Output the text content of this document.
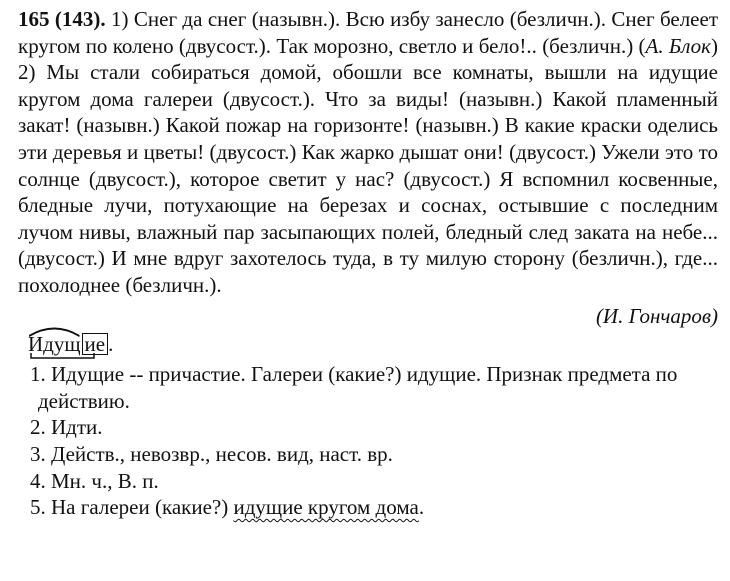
165 (143). 1) Снег да снег (назывн.). Всю избу занесло (безличн.). Снег белеет кругом по колено (двусост.). Так морозно, светло и бело!.. (безличн.) (А. Блок) 2) Мы стали собираться домой, обошли все комнаты, вышли на идущие кругом дома галереи (двусост.). Что за виды! (назывн.) Какой пламенный закат! (назывн.) Какой пожар на горизонте! (назывн.) В какие краски оделись эти деревья и цветы! (двусост.) Как жарко дышат они! (двусост.) Ужели это то солнце (двусост.), которое светит у нас? (двусост.) Я вспомнил косвенные, бледные лучи, потухающие на березах и соснах, остывшие с последним лучом нивы, влажный пар засыпающих полей, бледный след заката на небе... (двусост.) И мне вдруг захотелось туда, в ту милую сторону (безличн.), где... похолоднее (безличн.).

(И. Гончаров)

Идущ ие .
1. Идущие -- причастие. Галереи (какие?) идущие. Признак предмета по действию.
2. Идти.
3. Действ., невозвр., несов. вид, наст. вр.
4. Мн. ч., В. п.
5. На галереи (какие?) идущие кругом дома.
